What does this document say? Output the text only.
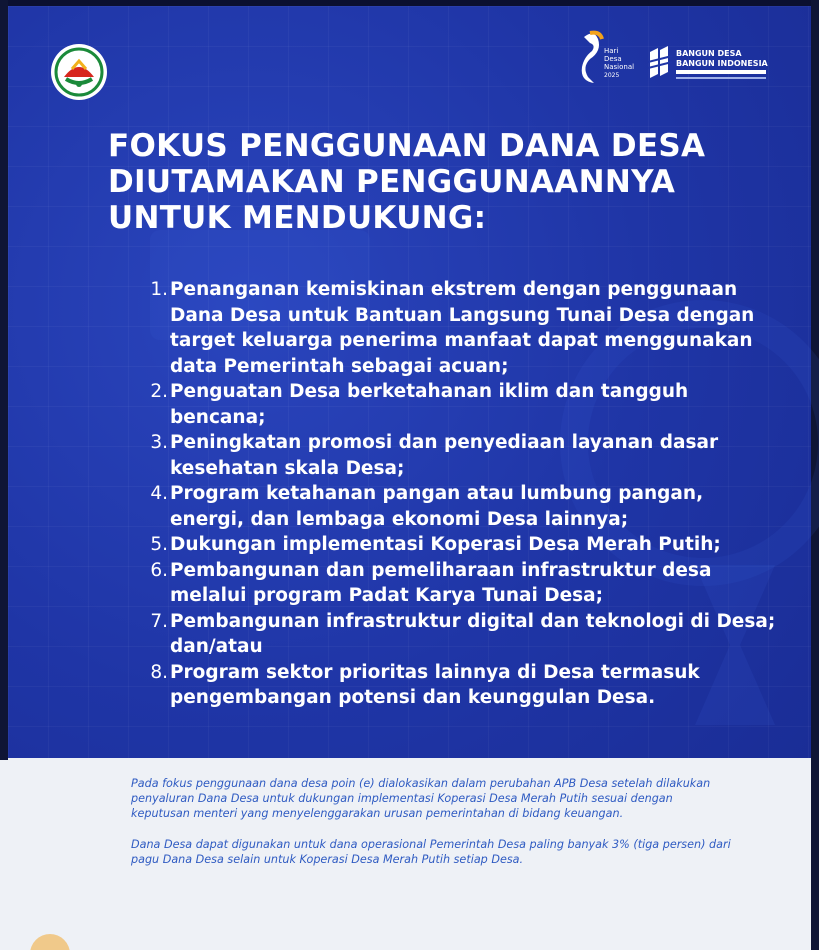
Hari
Desa
Nasional
2025
BANGUN DESA
BANGUN INDONESIA
FOKUS PENGGUNAAN DANA DESA
DIUTAMAKAN PENGGUNAANNYA
UNTUK MENDUKUNG:
1. Penanganan kemiskinan ekstrem dengan penggunaan Dana Desa untuk Bantuan Langsung Tunai Desa dengan target keluarga penerima manfaat dapat menggunakan data Pemerintah sebagai acuan;
2. Penguatan Desa berketahanan iklim dan tangguh bencana;
3. Peningkatan promosi dan penyediaan layanan dasar kesehatan skala Desa;
4. Program ketahanan pangan atau lumbung pangan, energi, dan lembaga ekonomi Desa lainnya;
5. Dukungan implementasi Koperasi Desa Merah Putih;
6. Pembangunan dan pemeliharaan infrastruktur desa melalui program Padat Karya Tunai Desa;
7. Pembangunan infrastruktur digital dan teknologi di Desa; dan/atau
8. Program sektor prioritas lainnya di Desa termasuk pengembangan potensi dan keunggulan Desa.

Pada fokus penggunaan dana desa poin (e) dialokasikan dalam perubahan APB Desa setelah dilakukan penyaluran Dana Desa untuk dukungan implementasi Koperasi Desa Merah Putih sesuai dengan keputusan menteri yang menyelenggarakan urusan pemerintahan di bidang keuangan.

Dana Desa dapat digunakan untuk dana operasional Pemerintah Desa paling banyak 3% (tiga persen) dari pagu Dana Desa selain untuk Koperasi Desa Merah Putih setiap Desa.
